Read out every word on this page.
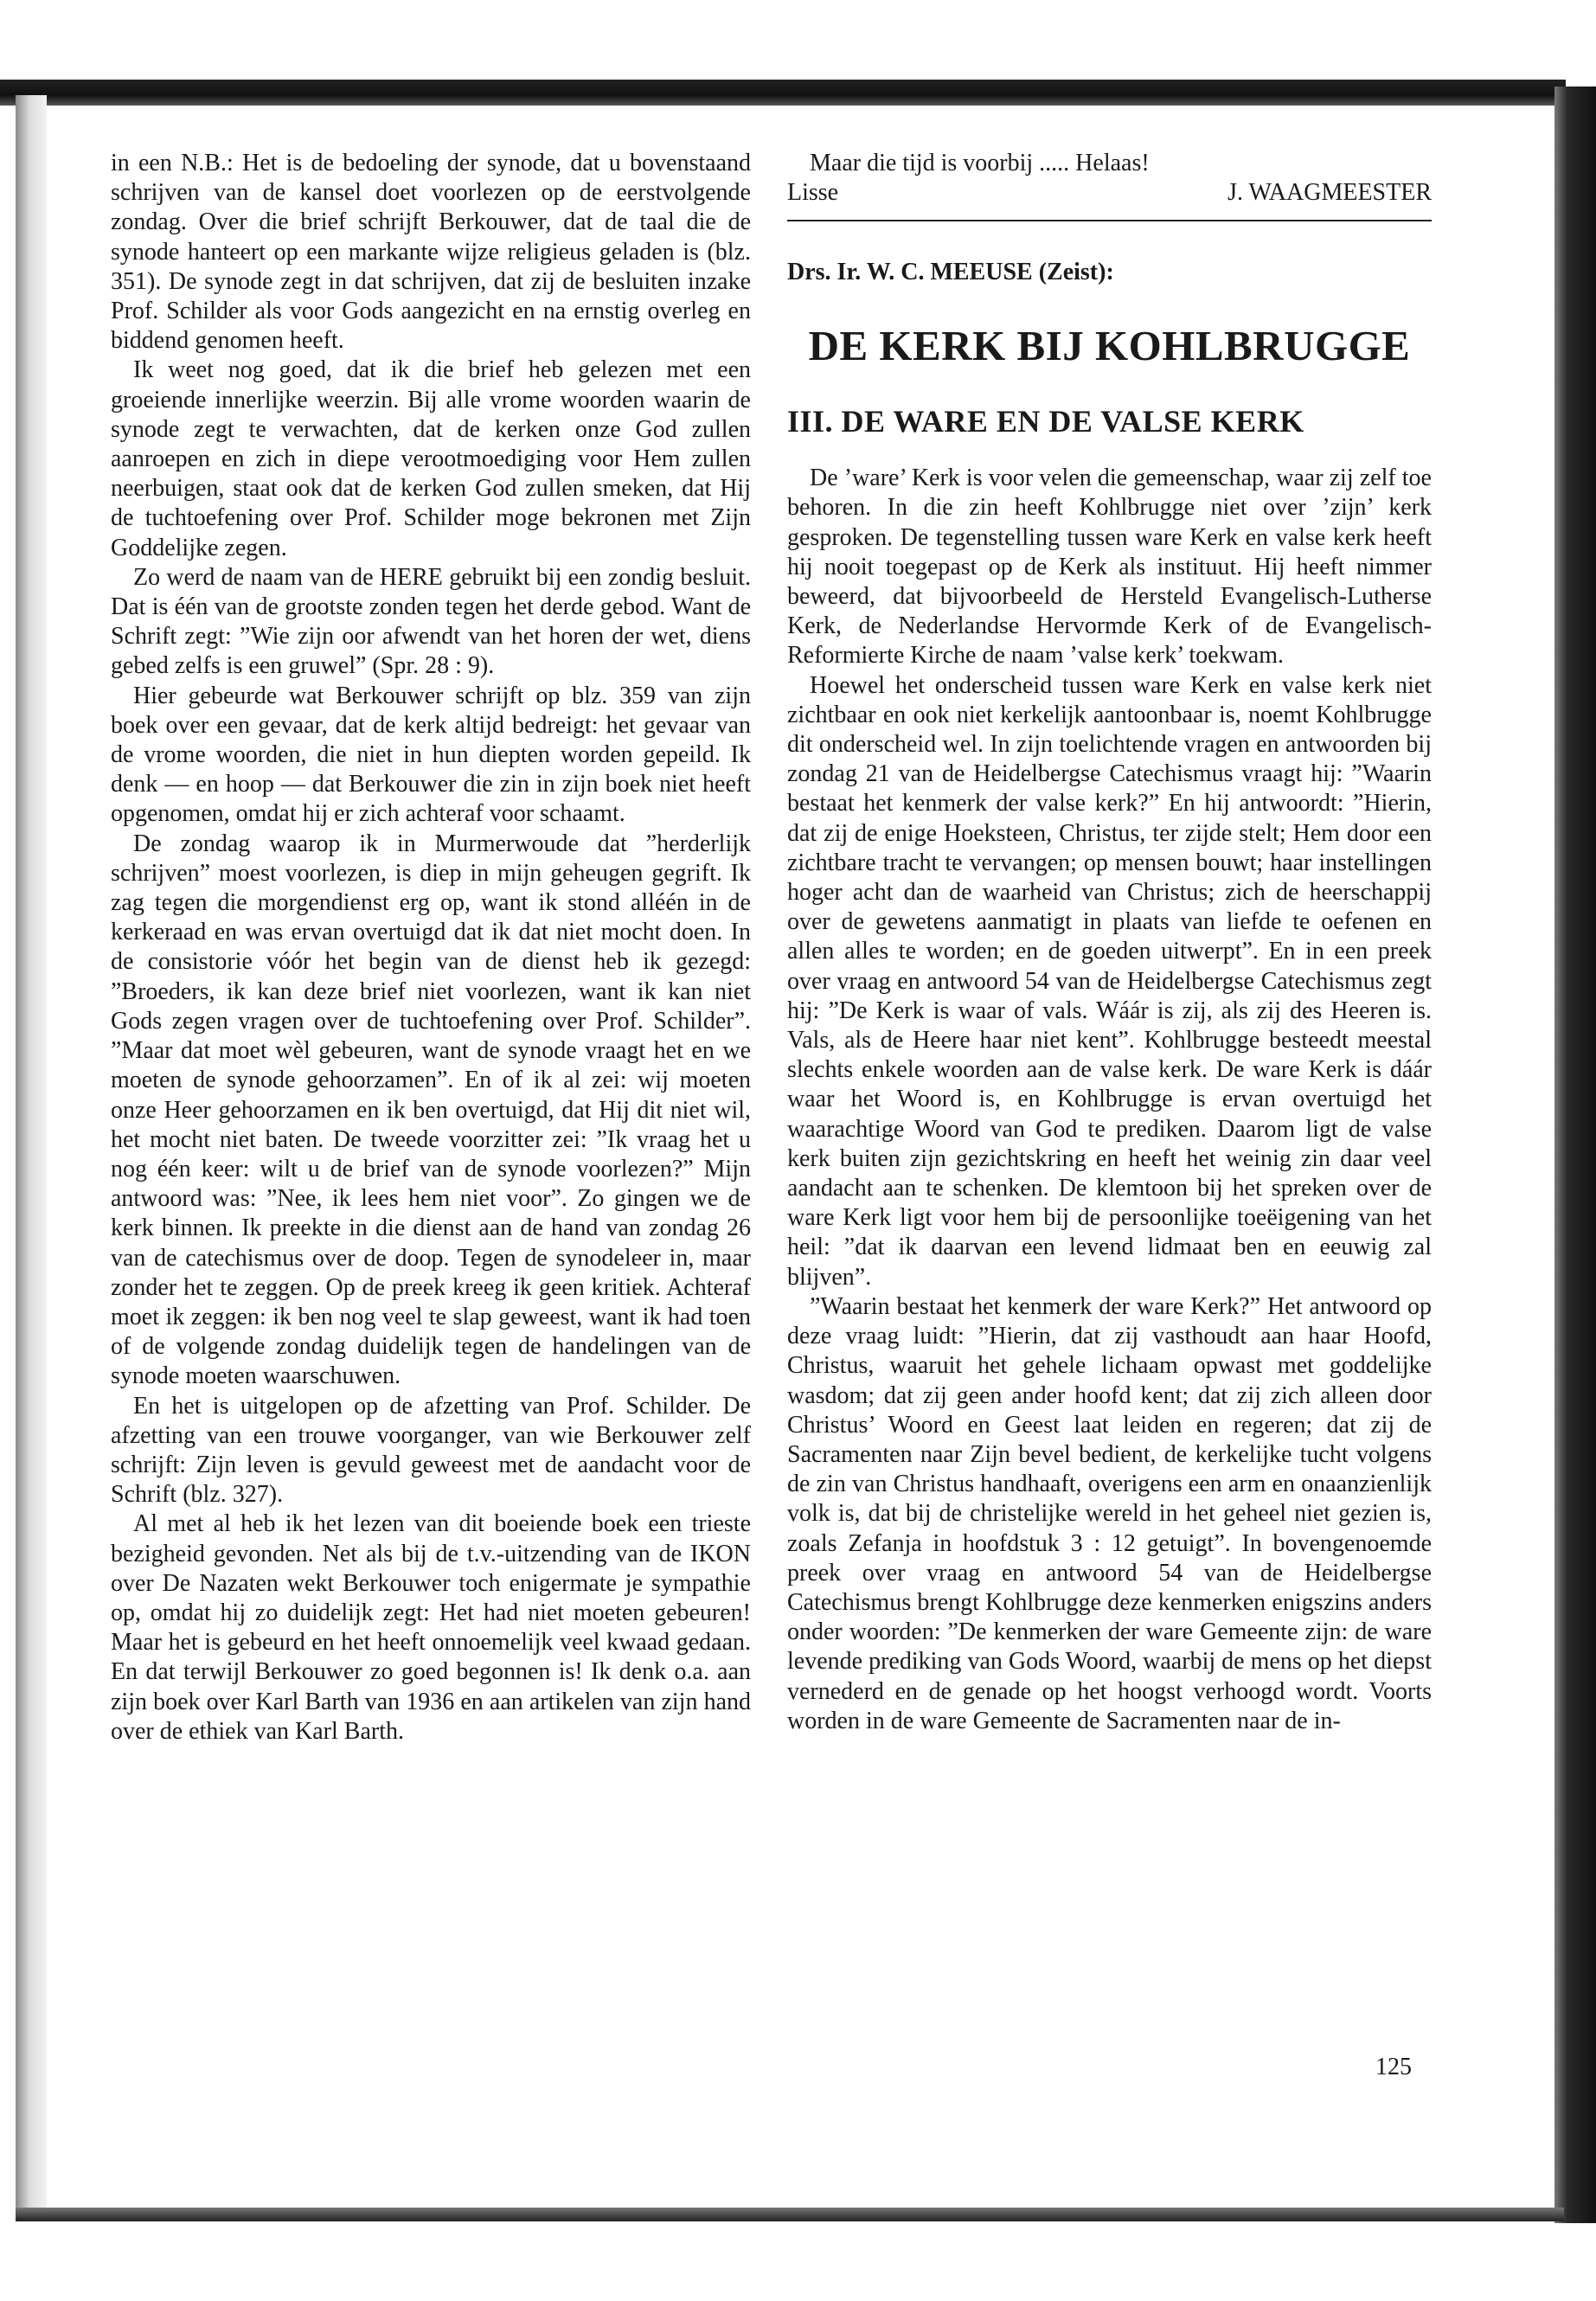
in een N.B.: Het is de bedoeling der synode, dat u bovenstaand schrijven van de kansel doet voorlezen op de eerstvolgende zondag. Over die brief schrijft Berkouwer, dat de taal die de synode hanteert op een markante wijze religieus geladen is (blz. 351). De synode zegt in dat schrijven, dat zij de besluiten inzake Prof. Schilder als voor Gods aangezicht en na ernstig overleg en biddend genomen heeft.

Ik weet nog goed, dat ik die brief heb gelezen met een groeiende innerlijke weerzin. Bij alle vrome woorden waarin de synode zegt te verwachten, dat de kerken onze God zullen aanroepen en zich in diepe verootmoediging voor Hem zullen neerbuigen, staat ook dat de kerken God zullen smeken, dat Hij de tuchtoefening over Prof. Schilder moge bekronen met Zijn Goddelijke zegen.

Zo werd de naam van de HERE gebruikt bij een zondig besluit. Dat is één van de grootste zonden tegen het derde gebod. Want de Schrift zegt: ”Wie zijn oor afwendt van het horen der wet, diens gebed zelfs is een gruwel” (Spr. 28 : 9).

Hier gebeurde wat Berkouwer schrijft op blz. 359 van zijn boek over een gevaar, dat de kerk altijd bedreigt: het gevaar van de vrome woorden, die niet in hun diepten worden gepeild. Ik denk — en hoop — dat Berkouwer die zin in zijn boek niet heeft opgenomen, omdat hij er zich achteraf voor schaamt.

De zondag waarop ik in Murmerwoude dat ”herderlijk schrijven” moest voorlezen, is diep in mijn geheugen gegrift. Ik zag tegen die morgendienst erg op, want ik stond alléén in de kerkeraad en was ervan overtuigd dat ik dat niet mocht doen. In de consistorie vóór het begin van de dienst heb ik gezegd: ”Broeders, ik kan deze brief niet voorlezen, want ik kan niet Gods zegen vragen over de tuchtoefening over Prof. Schilder”. ”Maar dat moet wèl gebeuren, want de synode vraagt het en we moeten de synode gehoorzamen”. En of ik al zei: wij moeten onze Heer gehoorzamen en ik ben overtuigd, dat Hij dit niet wil, het mocht niet baten. De tweede voorzitter zei: ”Ik vraag het u nog één keer: wilt u de brief van de synode voorlezen?” Mijn antwoord was: ”Nee, ik lees hem niet voor”. Zo gingen we de kerk binnen. Ik preekte in die dienst aan de hand van zondag 26 van de catechismus over de doop. Tegen de synodeleer in, maar zonder het te zeggen. Op de preek kreeg ik geen kritiek. Achteraf moet ik zeggen: ik ben nog veel te slap geweest, want ik had toen of de volgende zondag duidelijk tegen de handelingen van de synode moeten waarschuwen.

En het is uitgelopen op de afzetting van Prof. Schilder. De afzetting van een trouwe voorganger, van wie Berkouwer zelf schrijft: Zijn leven is gevuld geweest met de aandacht voor de Schrift (blz. 327).

Al met al heb ik het lezen van dit boeiende boek een trieste bezigheid gevonden. Net als bij de t.v.-uitzending van de IKON over De Nazaten wekt Berkouwer toch enigermate je sympathie op, omdat hij zo duidelijk zegt: Het had niet moeten gebeuren! Maar het is gebeurd en het heeft onnoemelijk veel kwaad gedaan. En dat terwijl Berkouwer zo goed begonnen is! Ik denk o.a. aan zijn boek over Karl Barth van 1936 en aan artikelen van zijn hand over de ethiek van Karl Barth.

Maar die tijd is voorbij ..... Helaas!

Lisse	J. WAAGMEESTER

Drs. Ir. W. C. MEEUSE (Zeist):

DE KERK BIJ KOHLBRUGGE
III. DE WARE EN DE VALSE KERK

De ’ware’ Kerk is voor velen die gemeenschap, waar zij zelf toe behoren. In die zin heeft Kohlbrugge niet over ’zijn’ kerk gesproken. De tegenstelling tussen ware Kerk en valse kerk heeft hij nooit toegepast op de Kerk als instituut. Hij heeft nimmer beweerd, dat bijvoorbeeld de Hersteld Evangelisch-Lutherse Kerk, de Nederlandse Hervormde Kerk of de Evangelisch-Reformierte Kirche de naam ’valse kerk’ toekwam.

Hoewel het onderscheid tussen ware Kerk en valse kerk niet zichtbaar en ook niet kerkelijk aantoonbaar is, noemt Kohlbrugge dit onderscheid wel. In zijn toelichtende vragen en antwoorden bij zondag 21 van de Heidelbergse Catechismus vraagt hij: ”Waarin bestaat het kenmerk der valse kerk?” En hij antwoordt: ”Hierin, dat zij de enige Hoeksteen, Christus, ter zijde stelt; Hem door een zichtbare tracht te vervangen; op mensen bouwt; haar instellingen hoger acht dan de waarheid van Christus; zich de heerschappij over de gewetens aanmatigt in plaats van liefde te oefenen en allen alles te worden; en de goeden uitwerpt”. En in een preek over vraag en antwoord 54 van de Heidelbergse Catechismus zegt hij: ”De Kerk is waar of vals. Wáár is zij, als zij des Heeren is. Vals, als de Heere haar niet kent”. Kohlbrugge besteedt meestal slechts enkele woorden aan de valse kerk. De ware Kerk is dáár waar het Woord is, en Kohlbrugge is ervan overtuigd het waarachtige Woord van God te prediken. Daarom ligt de valse kerk buiten zijn gezichtskring en heeft het weinig zin daar veel aandacht aan te schenken. De klemtoon bij het spreken over de ware Kerk ligt voor hem bij de persoonlijke toeëigening van het heil: ”dat ik daarvan een levend lidmaat ben en eeuwig zal blijven”.

”Waarin bestaat het kenmerk der ware Kerk?” Het antwoord op deze vraag luidt: ”Hierin, dat zij vasthoudt aan haar Hoofd, Christus, waaruit het gehele lichaam opwast met goddelijke wasdom; dat zij geen ander hoofd kent; dat zij zich alleen door Christus’ Woord en Geest laat leiden en regeren; dat zij de Sacramenten naar Zijn bevel bedient, de kerkelijke tucht volgens de zin van Christus handhaaft, overigens een arm en onaanzienlijk volk is, dat bij de christelijke wereld in het geheel niet gezien is, zoals Zefanja in hoofdstuk 3 : 12 getuigt”. In bovengenoemde preek over vraag en antwoord 54 van de Heidelbergse Catechismus brengt Kohlbrugge deze kenmerken enigszins anders onder woorden: ”De kenmerken der ware Gemeente zijn: de ware levende prediking van Gods Woord, waarbij de mens op het diepst vernederd en de genade op het hoogst verhoogd wordt. Voorts worden in de ware Gemeente de Sacramenten naar de in-

125
